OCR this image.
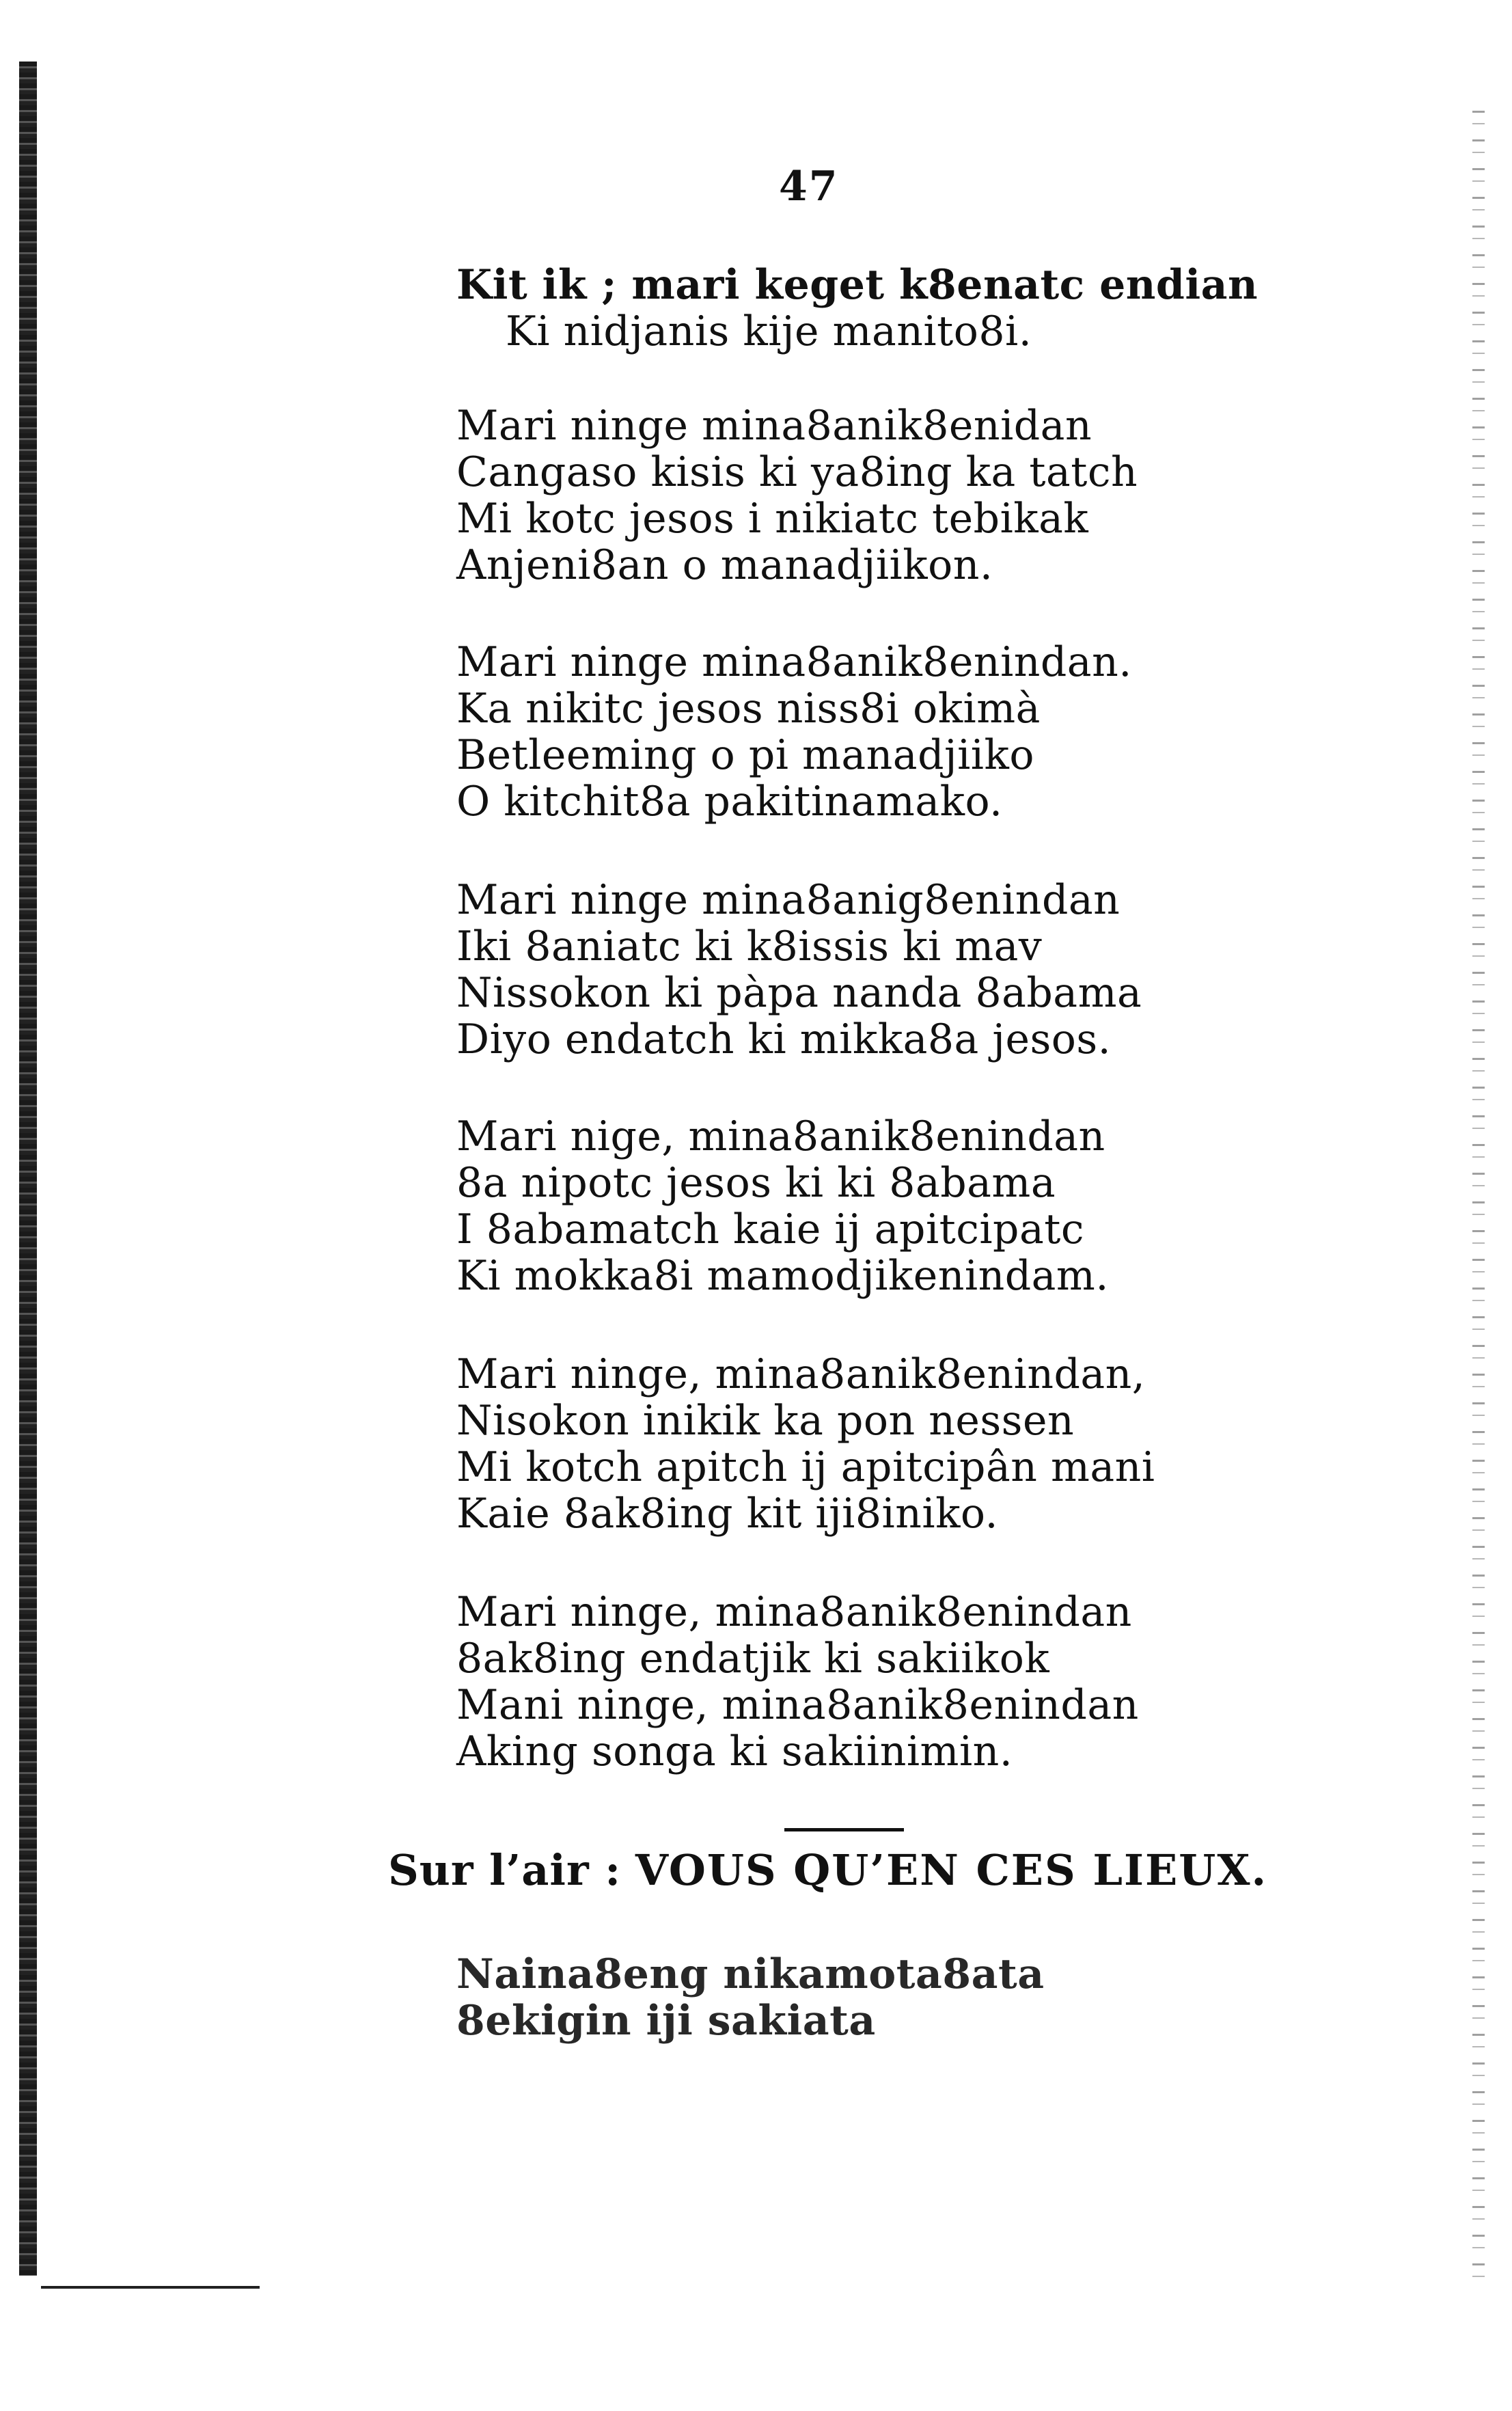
47
Kit ik ; mari keget k8enatc endian
Ki nidjanis kije manito8i.
Mari ninge mina8anik8enidan
Cangaso kisis ki ya8ing ka tatch
Mi kotc jesos i nikiatc tebikak
Anjeni8an o manadjiikon.
Mari ninge mina8anik8enindan.
Ka nikitc jesos niss8i okimà
Betleeming o pi manadjiiko
O kitchit8a pakitinamako.
Mari ninge mina8anig8enindan
Iki 8aniatc ki k8issis ki mav
Nissokon ki pàpa nanda 8abama
Diyo endatch ki mikka8a jesos.
Mari nige, mina8anik8enindan
8a nipotc jesos ki ki 8abama
I 8abamatch kaie ij apitcipatc
Ki mokka8i mamodjikenindam.
Mari ninge, mina8anik8enindan,
Nisokon inikik ka pon nessen
Mi kotch apitch ij apitcipân mani
Kaie 8ak8ing kit iji8iniko.
Mari ninge, mina8anik8enindan
8ak8ing endatjik ki sakiikok
Mani ninge, mina8anik8enindan
Aking songa ki sakiinimin.
Sur l’air : VOUS QU’EN CES LIEUX.
Naina8eng nikamota8ata
8ekigin iji sakiata
